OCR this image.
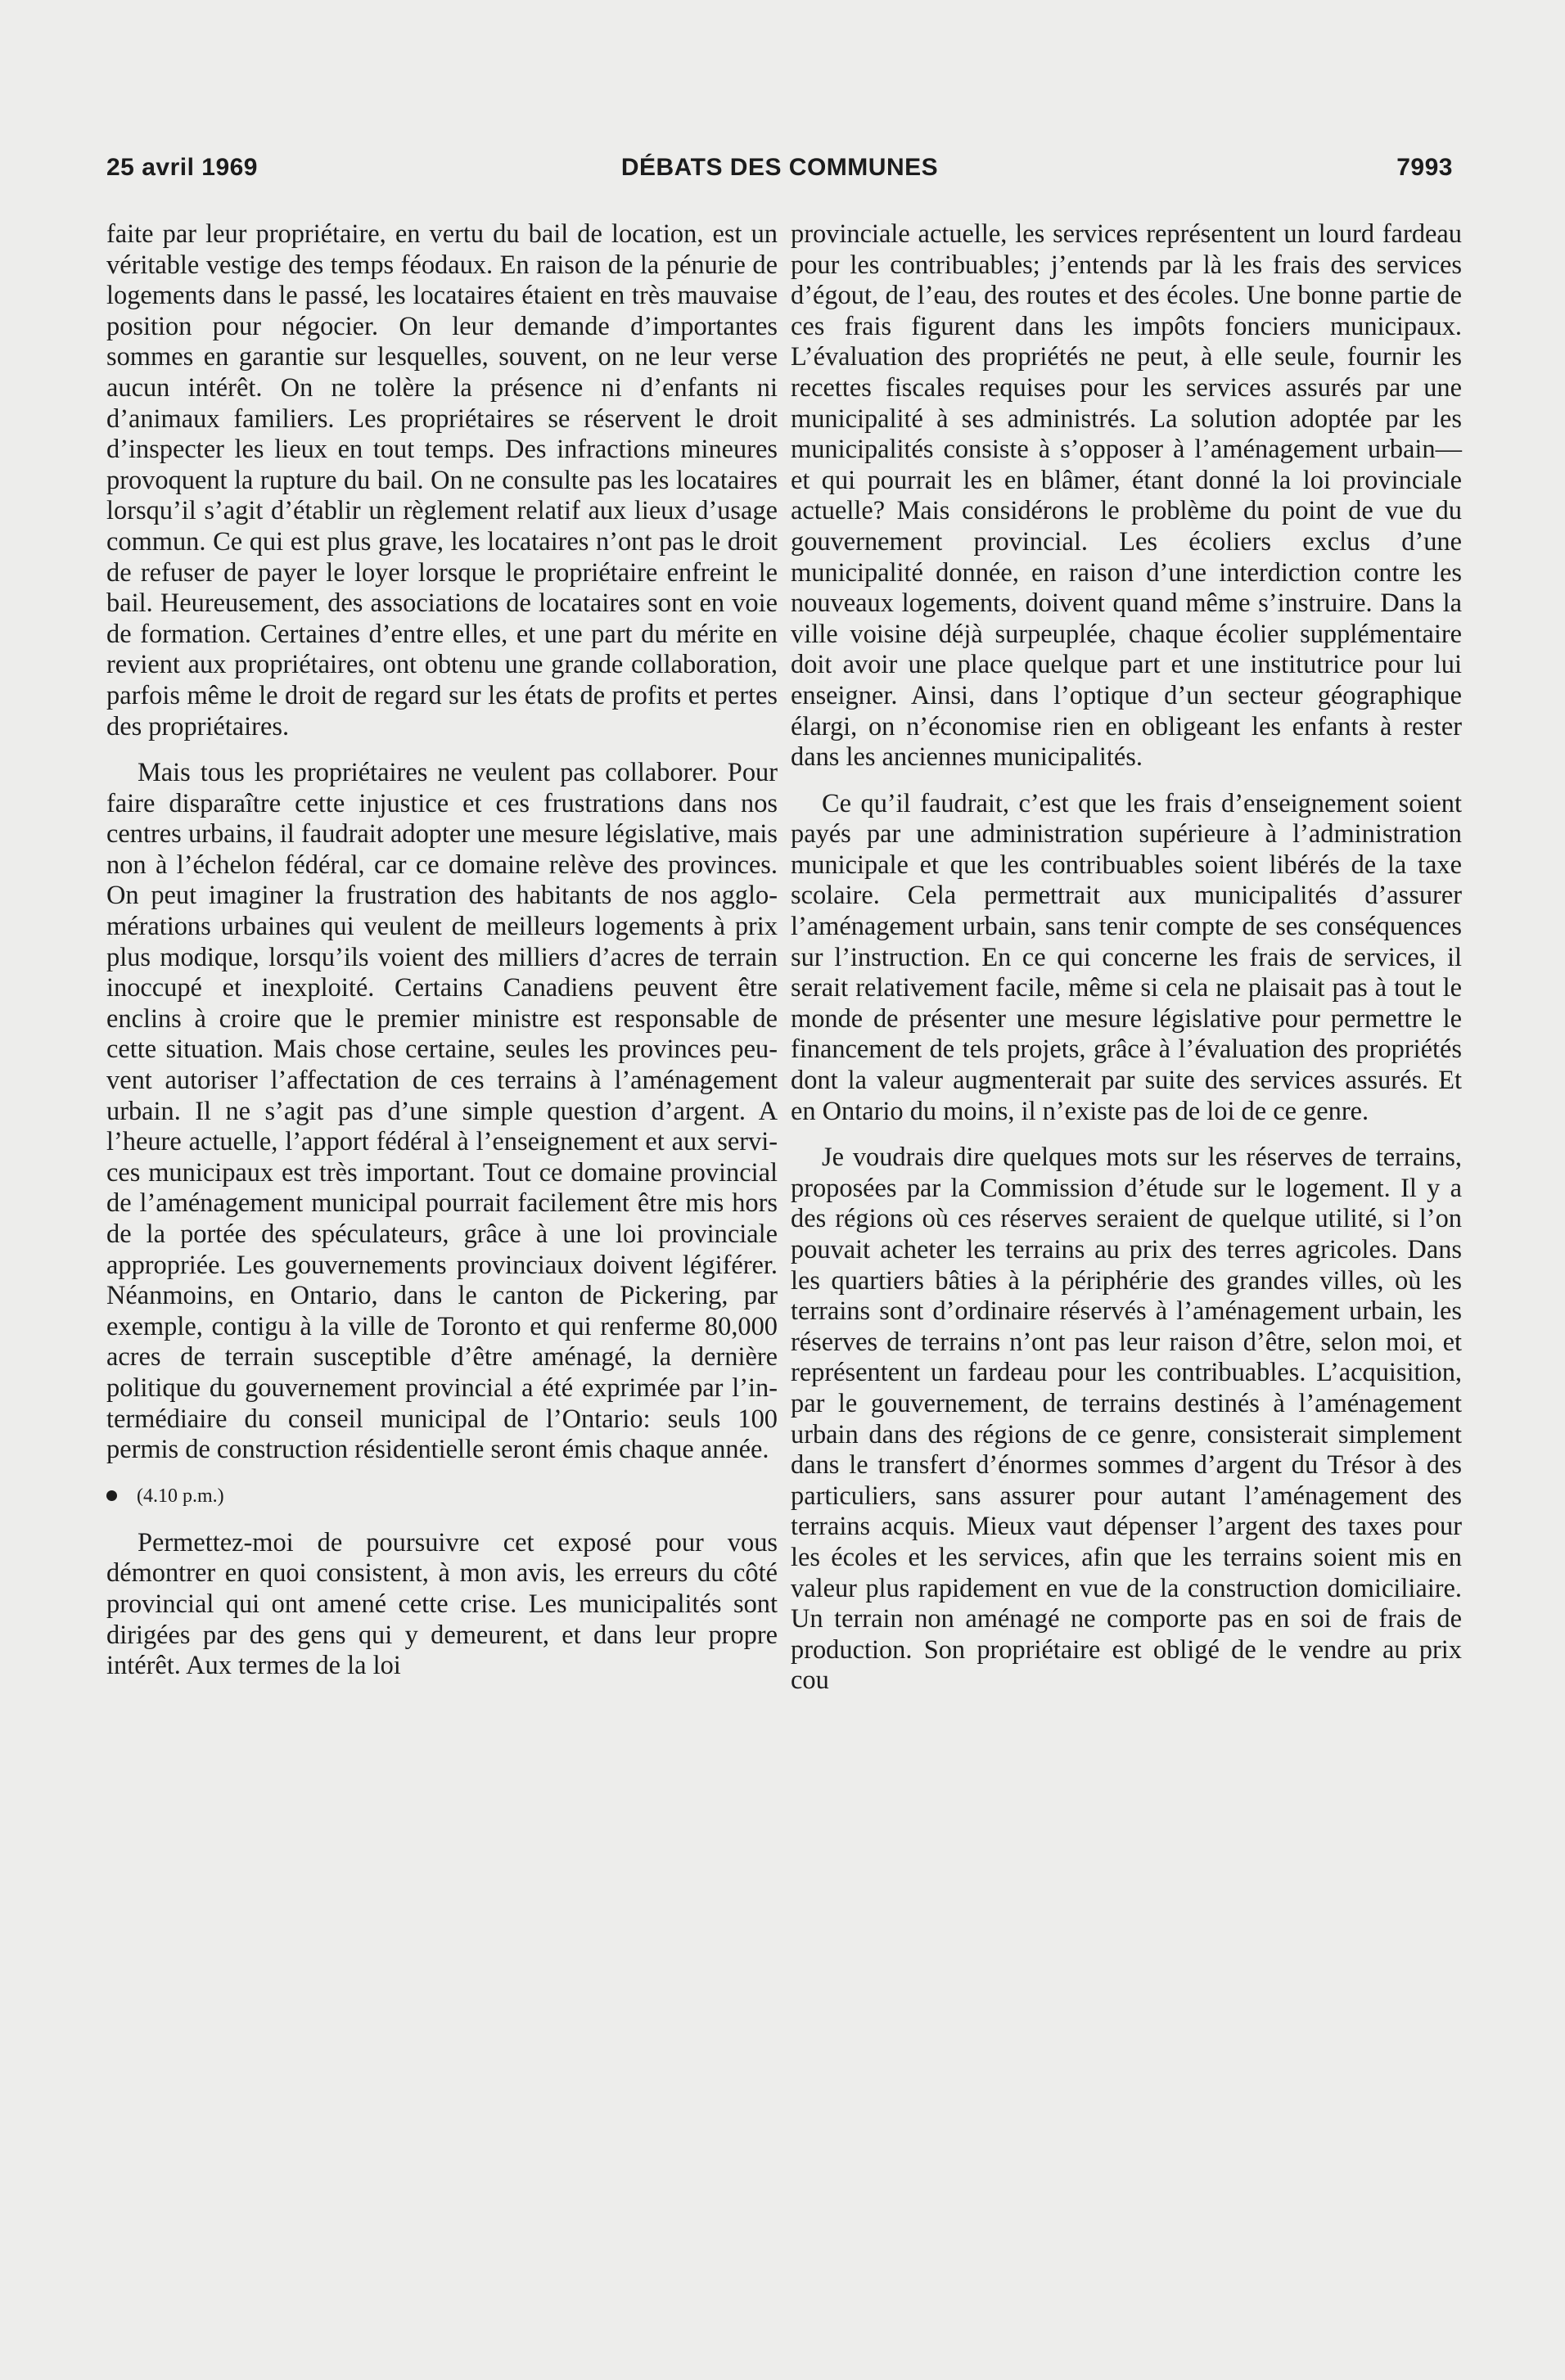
25 avril 1969	DÉBATS DES COMMUNES	7993

faite par leur propriétaire, en vertu du bail de location, est un véritable vestige des temps féodaux. En raison de la pénurie de logements dans le passé, les locataires étaient en très mauvaise position pour négocier. On leur demande d’importantes sommes en garantie sur lesquelles, souvent, on ne leur verse aucun intérêt. On ne tolère la présence ni d’enfants ni d’animaux familiers. Les propriétaires se réservent le droit d’inspecter les lieux en tout temps. Des infractions mineures provoquent la rupture du bail. On ne consulte pas les locataires lorsqu’il s’agit d’établir un règlement relatif aux lieux d’usage commun. Ce qui est plus grave, les locataires n’ont pas le droit de refuser de payer le loyer lorsque le propriétaire enfreint le bail. Heureusement, des associations de locataires sont en voie de formation. Certaines d’entre elles, et une part du mérite en revient aux propriétaires, ont obtenu une grande collaboration, parfois même le droit de regard sur les états de profits et pertes des propriétaires.

Mais tous les propriétaires ne veulent pas collaborer. Pour faire disparaître cette injustice et ces frustrations dans nos centres urbains, il faudrait adopter une mesure législative, mais non à l’échelon fédéral, car ce domaine relève des provinces. On peut imaginer la frustration des habitants de nos agglomérations urbaines qui veulent de meilleurs logements à prix plus modique, lorsqu’ils voient des milliers d’acres de terrain inoccupé et inexploité. Certains Canadiens peuvent être enclins à croire que le premier ministre est responsable de cette situation. Mais chose certaine, seules les provinces peuvent autoriser l’affectation de ces terrains à l’aménagement urbain. Il ne s’agit pas d’une simple question d’argent. A l’heure actuelle, l’apport fédéral à l’enseignement et aux services municipaux est très important. Tout ce domaine provincial de l’aménagement municipal pourrait facilement être mis hors de la portée des spéculateurs, grâce à une loi provinciale appropriée. Les gouvernements provinciaux doivent légiférer. Néanmoins, en Ontario, dans le canton de Pickering, par exemple, contigu à la ville de Toronto et qui renferme 80,000 acres de terrain susceptible d’être aménagé, la dernière politique du gouvernement provincial a été exprimée par l’intermédiaire du conseil municipal de l’Ontario: seuls 100 permis de construction résidentielle seront émis chaque année.

(4.10 p.m.)

Permettez-moi de poursuivre cet exposé pour vous démontrer en quoi consistent, à mon avis, les erreurs du côté provincial qui ont amené cette crise. Les municipalités sont dirigées par des gens qui y demeurent, et dans leur propre intérêt. Aux termes de la loi

provinciale actuelle, les services représentent un lourd fardeau pour les contribuables; j’entends par là les frais des services d’égout, de l’eau, des routes et des écoles. Une bonne partie de ces frais figurent dans les impôts fonciers municipaux. L’évaluation des propriétés ne peut, à elle seule, fournir les recettes fiscales requises pour les services assurés par une municipalité à ses administrés. La solution adoptée par les municipalités consiste à s’opposer à l’aménagement urbain—et qui pourrait les en blâmer, étant donné la loi provinciale actuelle? Mais considérons le problème du point de vue du gouvernement provincial. Les écoliers exclus d’une municipalité donnée, en raison d’une interdiction contre les nouveaux logements, doivent quand même s’instruire. Dans la ville voisine déjà surpeuplée, chaque écolier supplémentaire doit avoir une place quelque part et une institutrice pour lui enseigner. Ainsi, dans l’optique d’un secteur géographique élargi, on n’économise rien en obligeant les enfants à rester dans les anciennes municipalités.

Ce qu’il faudrait, c’est que les frais d’enseignement soient payés par une administration supérieure à l’administration municipale et que les contribuables soient libérés de la taxe scolaire. Cela permettrait aux municipalités d’assurer l’aménagement urbain, sans tenir compte de ses conséquences sur l’instruction. En ce qui concerne les frais de services, il serait relativement facile, même si cela ne plaisait pas à tout le monde de présenter une mesure législative pour permettre le financement de tels projets, grâce à l’évaluation des propriétés dont la valeur augmenterait par suite des services assurés. Et en Ontario du moins, il n’existe pas de loi de ce genre.

Je voudrais dire quelques mots sur les réserves de terrains, proposées par la Commission d’étude sur le logement. Il y a des régions où ces réserves seraient de quelque utilité, si l’on pouvait acheter les terrains au prix des terres agricoles. Dans les quartiers bâties à la périphérie des grandes villes, où les terrains sont d’ordinaire réservés à l’aménagement urbain, les réserves de terrains n’ont pas leur raison d’être, selon moi, et représentent un fardeau pour les contribuables. L’acquisition, par le gouvernement, de terrains destinés à l’aménagement urbain dans des régions de ce genre, consisterait simplement dans le transfert d’énormes sommes d’argent du Trésor à des particuliers, sans assurer pour autant l’aménagement des terrains acquis. Mieux vaut dépenser l’argent des taxes pour les écoles et les services, afin que les terrains soient mis en valeur plus rapidement en vue de la construction domiciliaire. Un terrain non aménagé ne comporte pas en soi de frais de production. Son propriétaire est obligé de le vendre au prix cou
